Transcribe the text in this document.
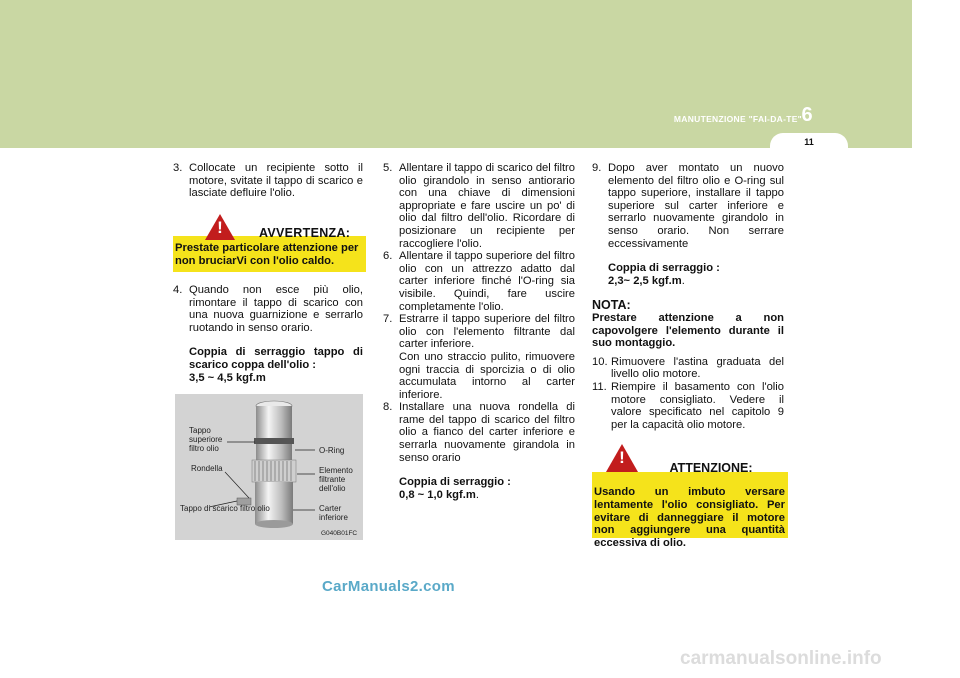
MANUTENZIONE "FAI-DA-TE" 6
11

3. Collocate un recipiente sotto il motore, svitate il tappo di scarico e lasciate defluire l'olio.

!	AVVERTENZA:
Prestate particolare attenzione per non bruciarVi con l'olio caldo.

4. Quando non esce più olio, rimontare il tappo di scarico con una nuova guarnizione e serrarlo ruotando in senso orario.

Coppia di serraggio tappo di scarico coppa dell'olio :

3,5 ~ 4,5 kgf.m

Tappo superiore filtro olio	O-Ring
Rondella	Elemento filtrante dell'olio
Tappo di scarico filtro olio	Carter inferiore
G040B01FC

5. Allentare il tappo di scarico del filtro olio girandolo in senso antiorario con una chiave di dimensioni appropriate e fare uscire un po' di olio dal filtro dell'olio. Ricordare di posizionare un recipiente per raccogliere l'olio.

6. Allentare il tappo superiore del filtro olio con un attrezzo adatto dal carter inferiore finché l'O-ring sia visibile. Quindi, fare uscire completamente l'olio.

7. Estrarre il tappo superiore del filtro olio con l'elemento filtrante dal carter inferiore.

Con uno straccio pulito, rimuovere ogni traccia di sporcizia o di olio accumulata intorno al carter inferiore.

8. Installare una nuova rondella di rame del tappo di scarico del filtro olio a fianco del carter inferiore e serrarla nuovamente girandola in senso orario

Coppia di serraggio :

0,8 ~ 1,0 kgf.m.

9. Dopo aver montato un nuovo elemento del filtro olio e O-ring sul tappo superiore, installare il tappo superiore sul carter inferiore e serrarlo nuovamente girandolo in senso orario. Non serrare eccessivamente

Coppia di serraggio :

2,3~ 2,5 kgf.m.

NOTA:

Prestare attenzione a non capovolgere l'elemento durante il suo montaggio.

10. Rimuovere l'astina graduata del livello olio motore.

11. Riempire il basamento con l'olio motore consigliato. Vedere il valore specificato nel capitolo 9 per la capacità olio motore.

!
ATTENZIONE:
Usando un imbuto versare lentamente l'olio consigliato. Per evitare di danneggiare il motore non aggiungere una quantità eccessiva di olio.
CarManuals2.com
carmanualsonline.info
